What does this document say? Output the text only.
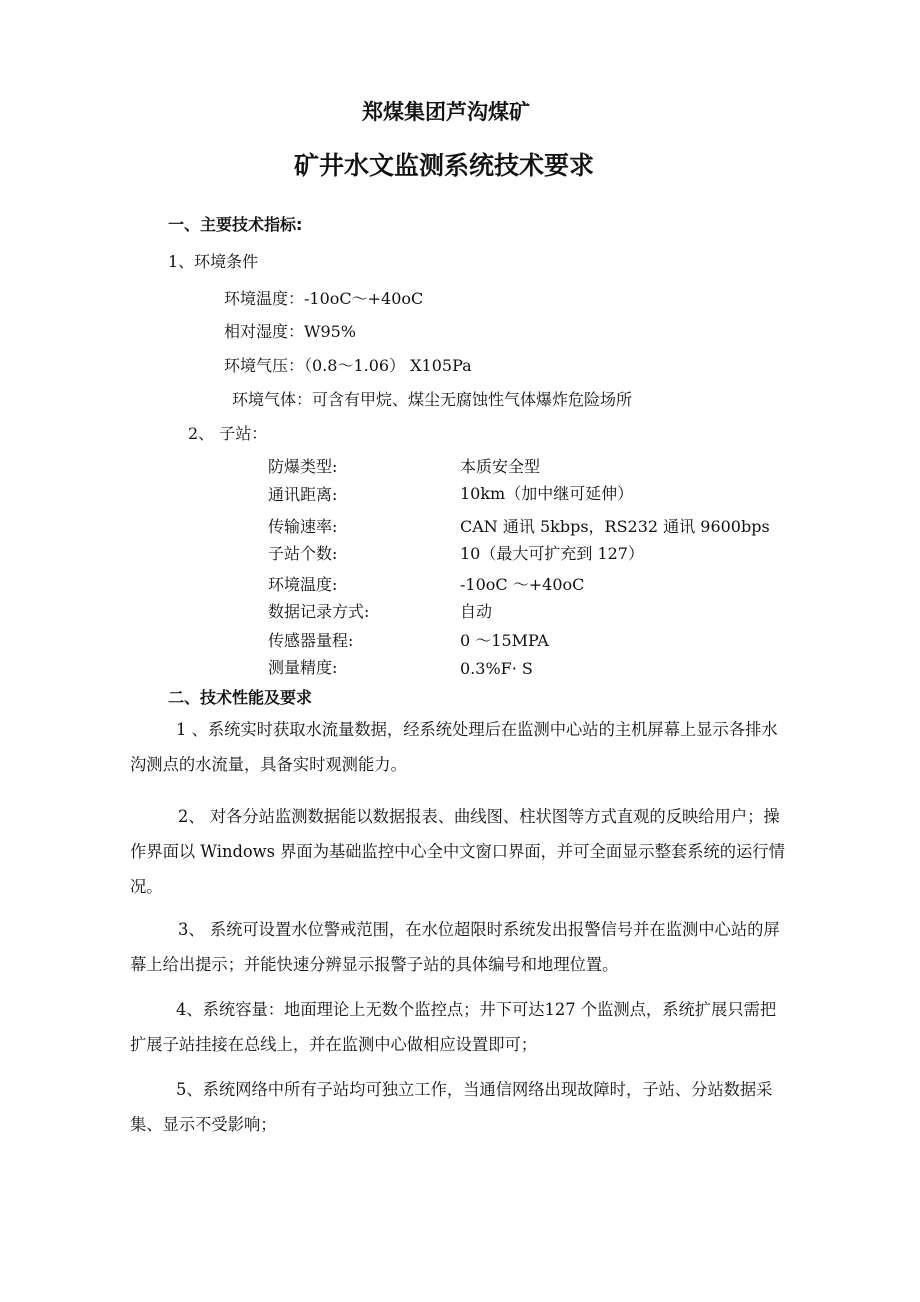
郑煤集团芦沟煤矿
矿井水文监测系统技术要求
一、主要技术指标:
1、环境条件
环境温度：-10oC〜+40oC
相对湿度：W95%
环境气压：（0.8〜1.06） X105Pa
环境气体：可含有甲烷、煤尘无腐蚀性气体爆炸危险场所
2、 子站：
防爆类型:	本质安全型
通讯距离:	10km（加中继可延伸）
传输速率:	CAN 通讯 5kbps，RS232 通讯 9600bps
子站个数:	10（最大可扩充到 127）
环境温度:	-10oC 〜+40oC
数据记录方式:	自动
传感器量程:	0 〜15MPA
测量精度:	0.3%F· S
二、技术性能及要求
1 、系统实时获取水流量数据，经系统处理后在监测中心站的主机屏幕上显示各排水沟测点的水流量，具备实时观测能力。
2、 对各分站监测数据能以数据报表、曲线图、柱状图等方式直观的反映给用户；操作界面以 Windows 界面为基础监控中心全中文窗口界面，并可全面显示整套系统的运行情况。
3、 系统可设置水位警戒范围，在水位超限时系统发出报警信号并在监测中心站的屏幕上给出提示；并能快速分辨显示报警子站的具体编号和地理位置。
4、系统容量：地面理论上无数个监控点；井下可达127 个监测点，系统扩展只需把扩展子站挂接在总线上，并在监测中心做相应设置即可；
5、系统网络中所有子站均可独立工作，当通信网络出现故障时，子站、分站数据采集、显示不受影响；
